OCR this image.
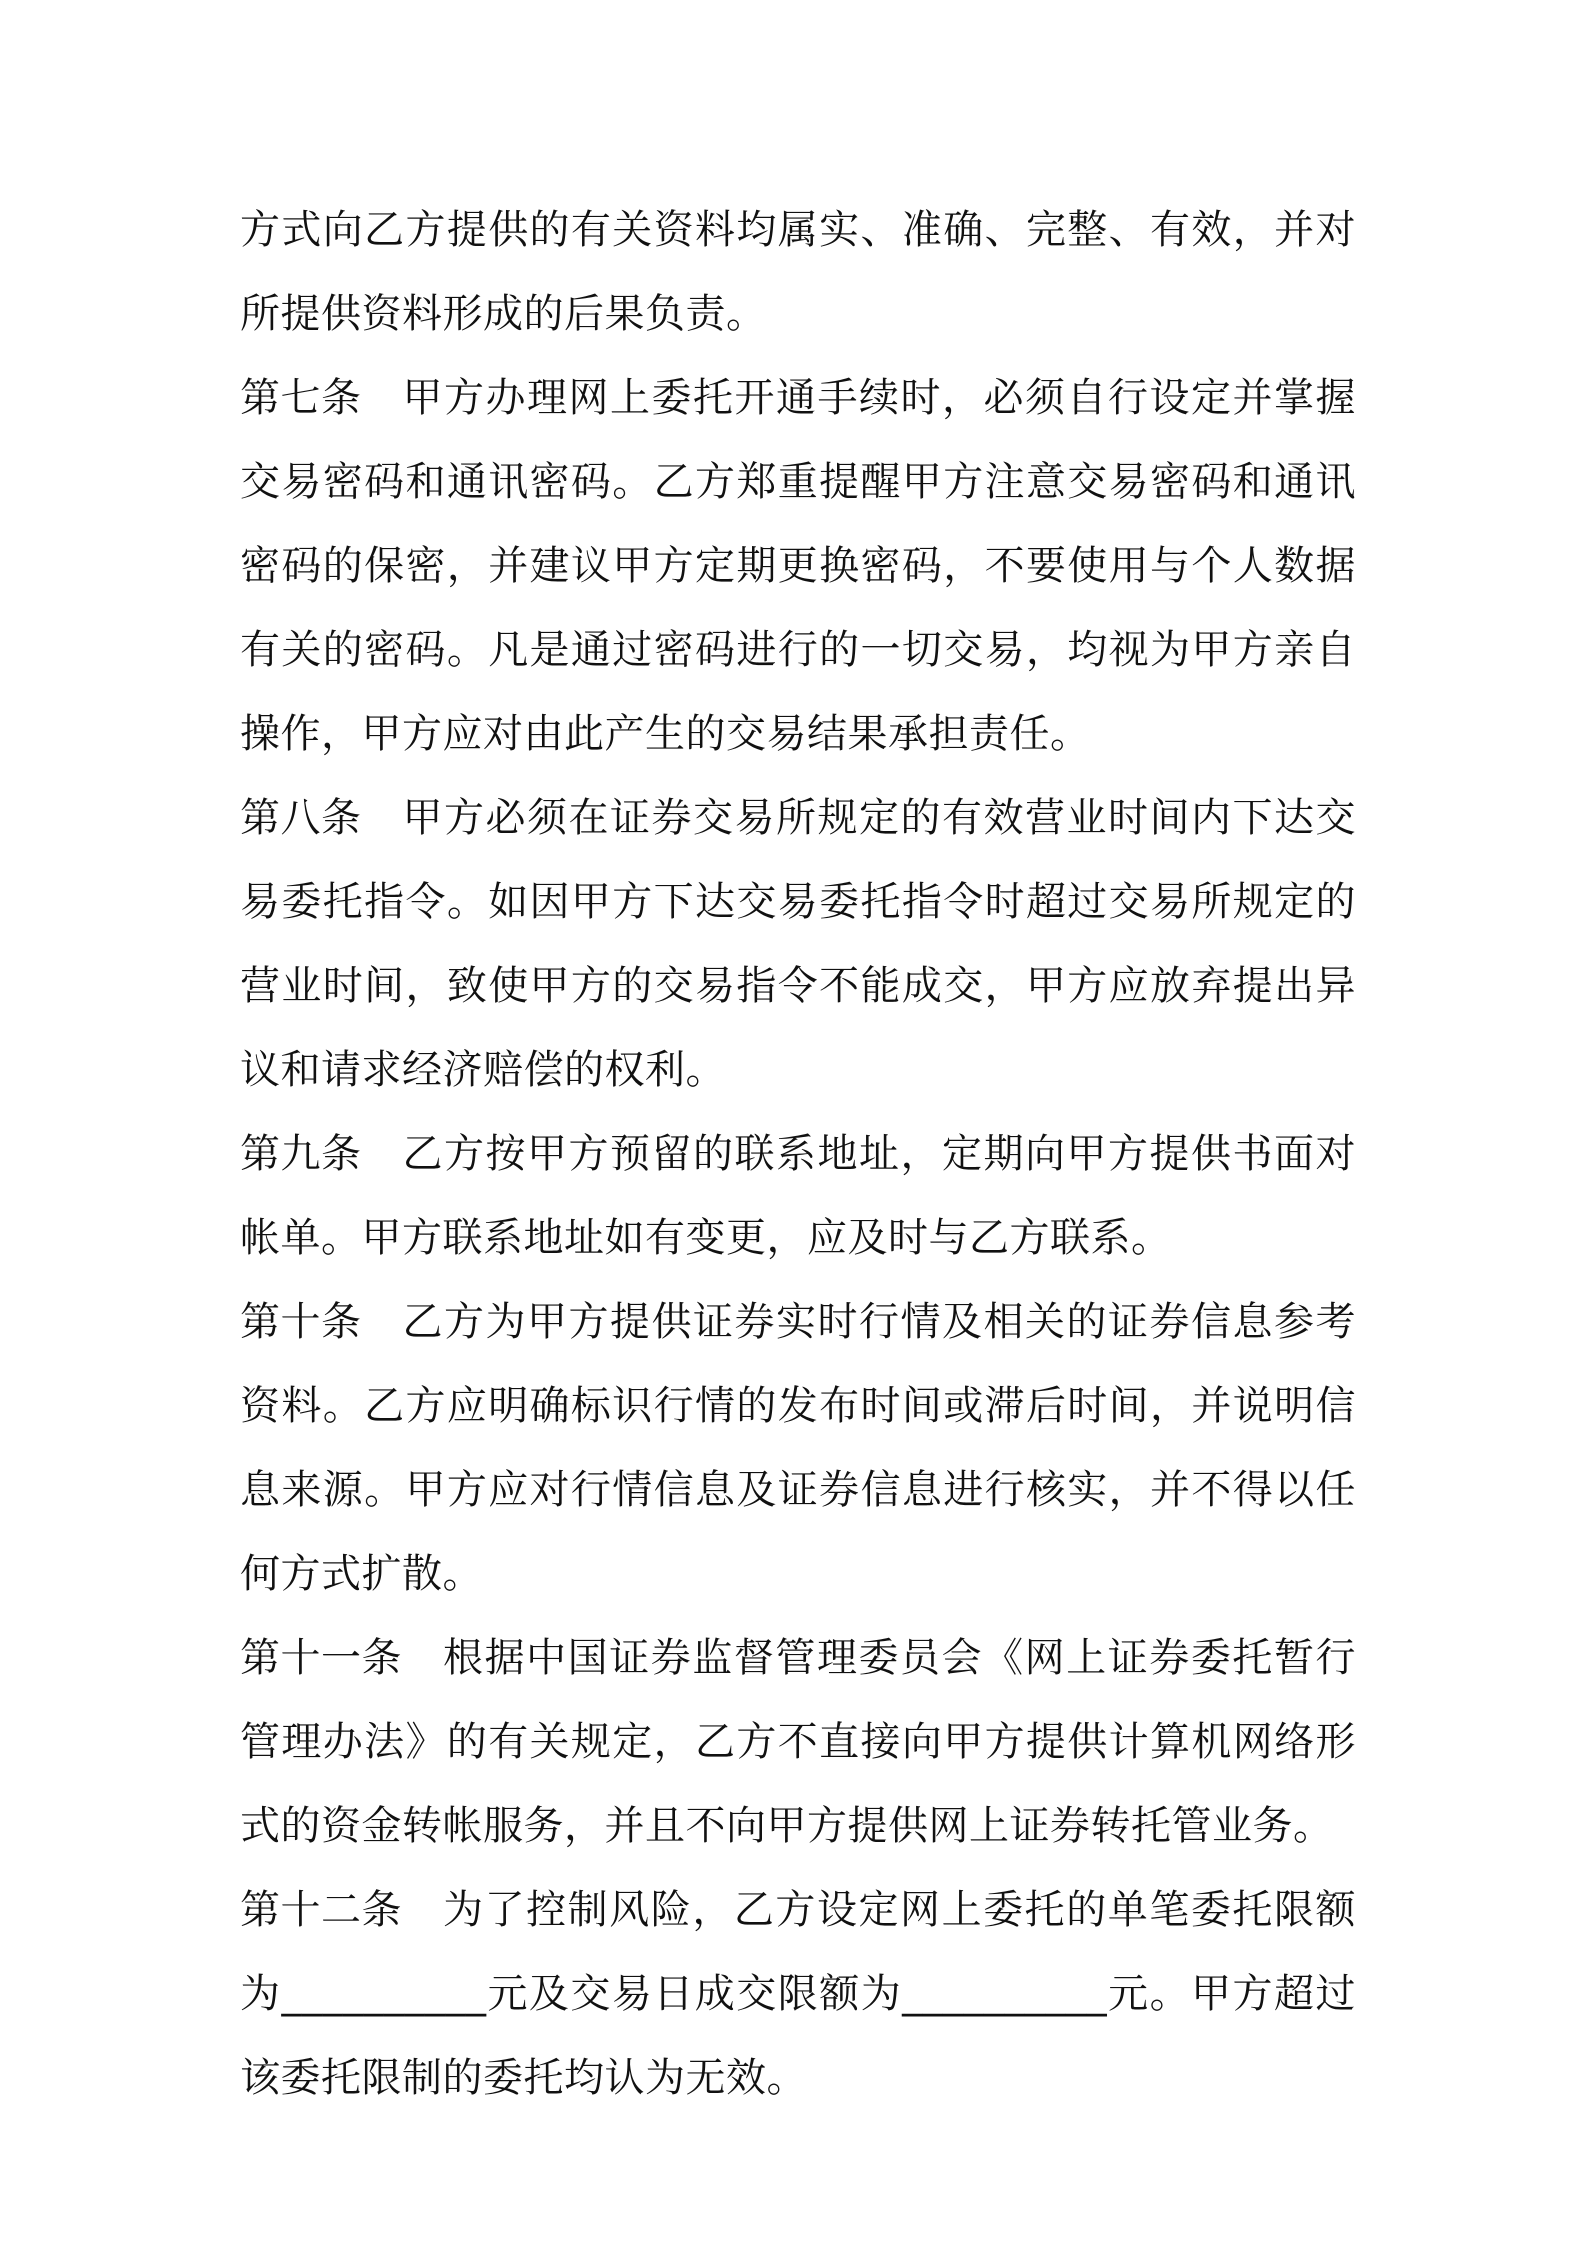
方式向乙方提供的有关资料均属实、准确、完整、有效，并对所提供资料形成的后果负责。

第七条 甲方办理网上委托开通手续时，必须自行设定并掌握交易密码和通讯密码。乙方郑重提醒甲方注意交易密码和通讯密码的保密，并建议甲方定期更换密码，不要使用与个人数据有关的密码。凡是通过密码进行的一切交易，均视为甲方亲自操作，甲方应对由此产生的交易结果承担责任。

第八条 甲方必须在证券交易所规定的有效营业时间内下达交易委托指令。如因甲方下达交易委托指令时超过交易所规定的营业时间，致使甲方的交易指令不能成交，甲方应放弃提出异议和请求经济赔偿的权利。

第九条 乙方按甲方预留的联系地址，定期向甲方提供书面对帐单。甲方联系地址如有变更，应及时与乙方联系。

第十条 乙方为甲方提供证券实时行情及相关的证券信息参考资料。乙方应明确标识行情的发布时间或滞后时间，并说明信息来源。甲方应对行情信息及证券信息进行核实，并不得以任何方式扩散。

第十一条 根据中国证券监督管理委员会《网上证券委托暂行管理办法》的有关规定，乙方不直接向甲方提供计算机网络形式的资金转帐服务，并且不向甲方提供网上证券转托管业务。

第十二条 为了控制风险，乙方设定网上委托的单笔委托限额为__________元及交易日成交限额为__________元。甲方超过该委托限制的委托均认为无效。
